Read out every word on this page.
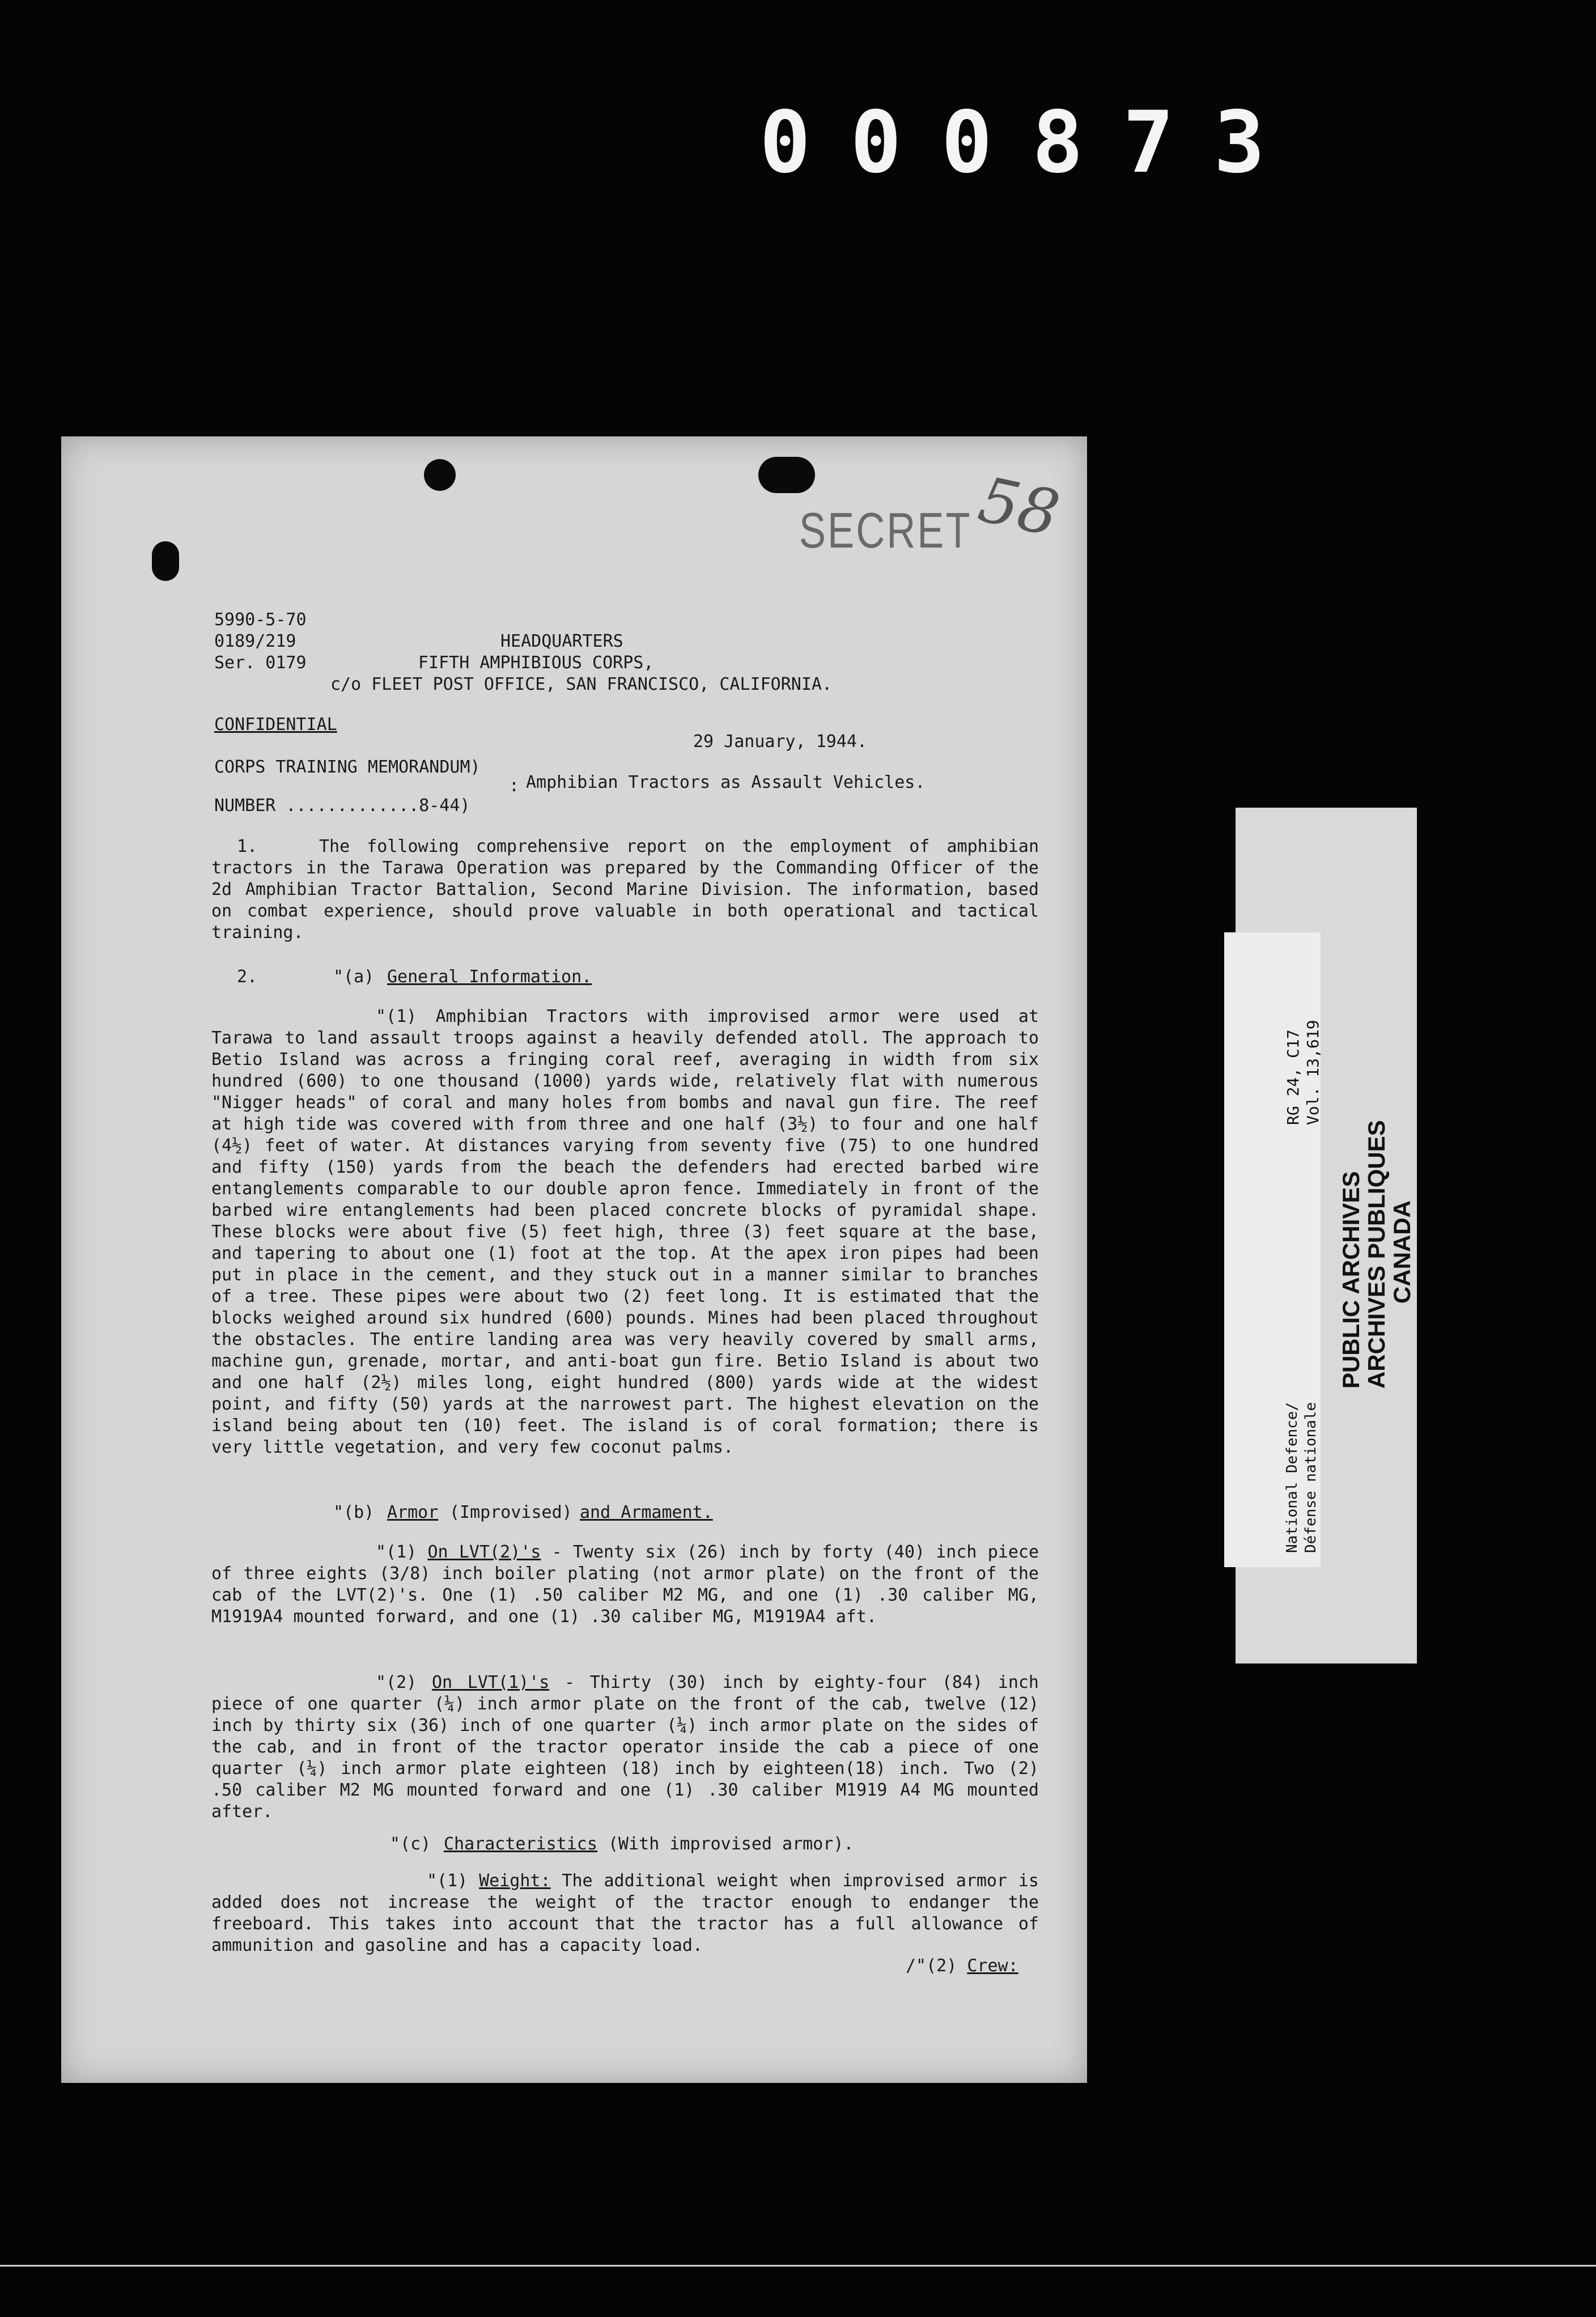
000873
SECRET 58
5990-5-70
0189/219
Ser. 0179
HEADQUARTERS
FIFTH AMPHIBIOUS CORPS,
c/o FLEET POST OFFICE, SAN FRANCISCO, CALIFORNIA.
CONFIDENTIAL
29 January, 1944.
CORPS TRAINING MEMORANDUM)
: Amphibian Tractors as Assault Vehicles.
NUMBER .............8-44)
1.	The following comprehensive report on the employment of amphibian tractors in the Tarawa Operation was prepared by the Commanding Officer of the 2d Amphibian Tractor Battalion, Second Marine Division. The information, based on combat experience, should prove valuable in both operational and tactical training.
2.	"(a) General Information.
"(1) Amphibian Tractors with improvised armor were used at Tarawa to land assault troops against a heavily defended atoll. The approach to Betio Island was across a fringing coral reef, averaging in width from six hundred (600) to one thousand (1000) yards wide, relatively flat with numerous "Nigger heads" of coral and many holes from bombs and naval gun fire. The reef at high tide was covered with from three and one half (3½) to four and one half (4½) feet of water. At distances varying from seventy five (75) to one hundred and fifty (150) yards from the beach the defenders had erected barbed wire entanglements comparable to our double apron fence. Immediately in front of the barbed wire entanglements had been placed concrete blocks of pyramidal shape. These blocks were about five (5) feet high, three (3) feet square at the base, and tapering to about one (1) foot at the top. At the apex iron pipes had been put in place in the cement, and they stuck out in a manner similar to branches of a tree. These pipes were about two (2) feet long. It is estimated that the blocks weighed around six hundred (600) pounds. Mines had been placed throughout the obstacles. The entire landing area was very heavily covered by small arms, machine gun, grenade, mortar, and anti-boat gun fire. Betio Island is about two and one half (2½) miles long, eight hundred (800) yards wide at the widest point, and fifty (50) yards at the narrowest part. The highest elevation on the island being about ten (10) feet. The island is of coral formation; there is very little vegetation, and very few coconut palms.
"(b) Armor (Improvised) and Armament.
"(1) On LVT(2)'s - Twenty six (26) inch by forty (40) inch piece of three eights (3/8) inch boiler plating (not armor plate) on the front of the cab of the LVT(2)'s. One (1) .50 caliber M2 MG, and one (1) .30 caliber MG, M1919A4 mounted forward, and one (1) .30 caliber MG, M1919A4 aft.
"(2) On LVT(1)'s - Thirty (30) inch by eighty-four (84) inch piece of one quarter (¼) inch armor plate on the front of the cab, twelve (12) inch by thirty six (36) inch of one quarter (¼) inch armor plate on the sides of the cab, and in front of the tractor operator inside the cab a piece of one quarter (¼) inch armor plate eighteen (18) inch by eighteen(18) inch. Two (2) .50 caliber M2 MG mounted forward and one (1) .30 caliber M1919 A4 MG mounted after.
"(c) Characteristics (With improvised armor).
"(1) Weight: The additional weight when improvised armor is added does not increase the weight of the tractor enough to endanger the freeboard. This takes into account that the tractor has a full allowance of ammunition and gasoline and has a capacity load.
/"(2) Crew:
RG 24, C17 Vol. 13,619
National Defence/ Défense nationale
PUBLIC ARCHIVES
ARCHIVES PUBLIQUES
CANADA
